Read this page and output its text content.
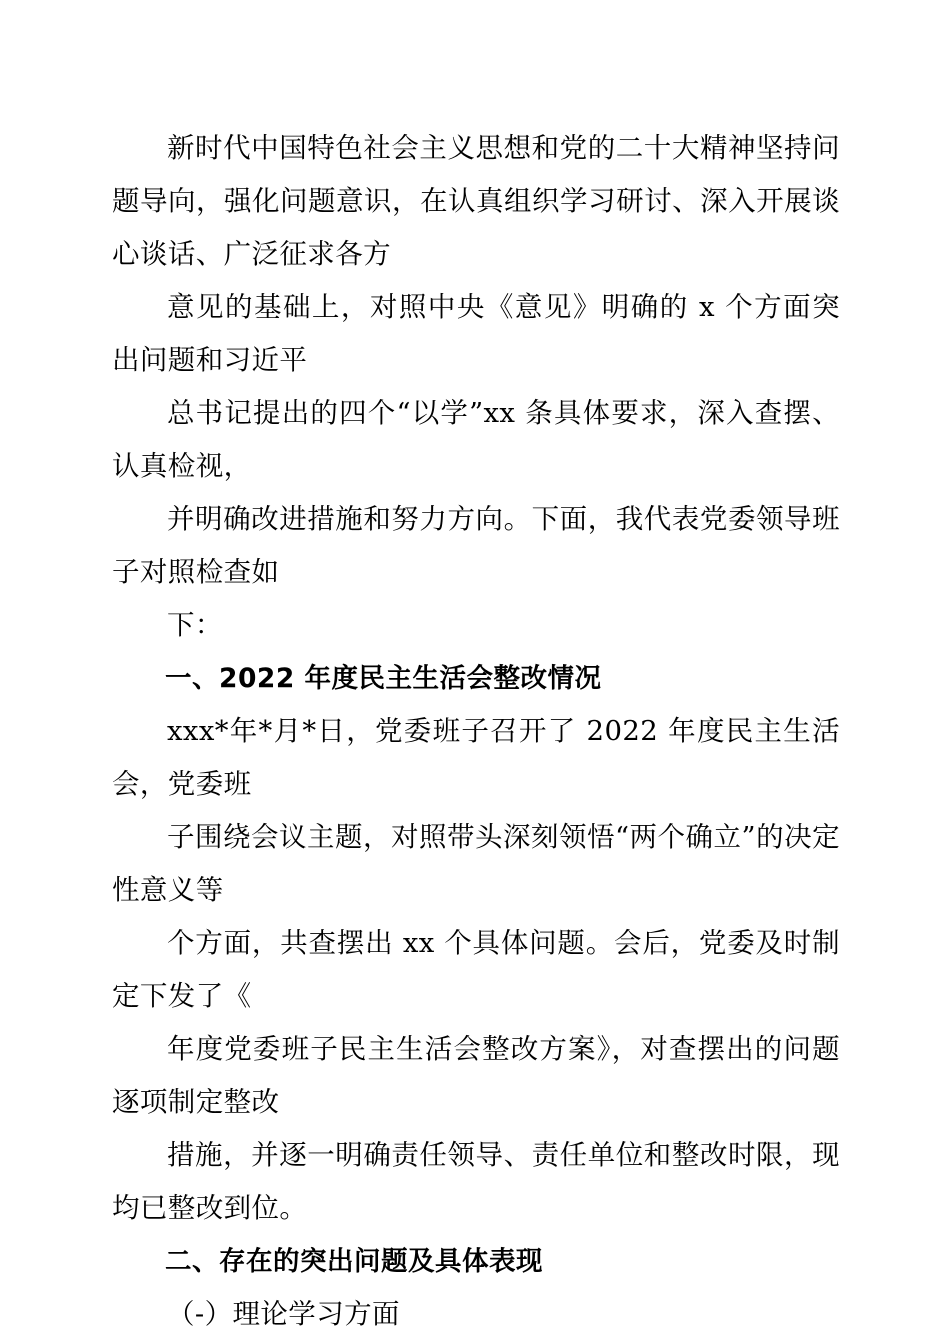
新时代中国特色社会主义思想和党的二十大精神坚持问题导向，强化问题意识，在认真组织学习研讨、深入开展谈心谈话、广泛征求各方

意见的基础上，对照中央《意见》明确的 x 个方面突出问题和习近平

总书记提出的四个“以学”xx 条具体要求，深入查摆、认真检视，

并明确改进措施和努力方向。下面，我代表党委领导班子对照检查如

下：

一、2022 年度民主生活会整改情况

xxx*年*月*日，党委班子召开了 2022 年度民主生活会，党委班

子围绕会议主题，对照带头深刻领悟“两个确立”的决定性意义等

个方面，共查摆出 xx 个具体问题。会后，党委及时制定下发了《

年度党委班子民主生活会整改方案》，对查摆出的问题逐项制定整改

措施，并逐一明确责任领导、责任单位和整改时限，现均已整改到位。

二、存在的突出问题及具体表现

（-）理论学习方面
